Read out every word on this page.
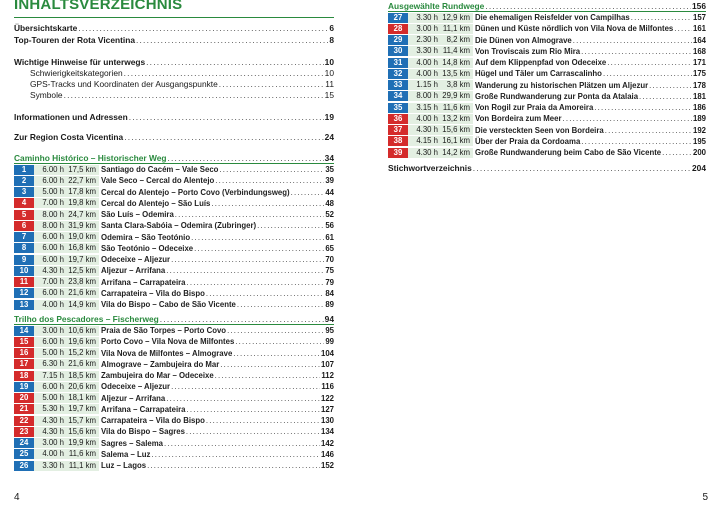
INHALTSVERZEICHNIS
Übersichtskarte .....	6
Top-Touren der Rota Vicentina .....	8
Wichtige Hinweise für unterwegs .....	10
Schwierigkeitskategorien .....	10
GPS-Tracks und Koordinaten der Ausgangspunkte .....	11
Symbole .....	15
Informationen und Adressen .....	19
Zur Region Costa Vicentina .....	24
Caminho Histórico – Historischer Weg .....	34
1	6.00 h 17,5 km Santiago do Cacém – Vale Seco .....	35
2	6.00 h 22,7 km Vale Seco – Cercal do Alentejo .....	39
3	5.00 h 17,8 km Cercal do Alentejo – Porto Covo (Verbindungsweg) .....	44
4	7.00 h 19,8 km Cercal do Alentejo – São Luís .....	48
5	8.00 h 24,7 km São Luís – Odemira .....	52
6	8.00 h 31,9 km Santa Clara-Sabóia – Odemira (Zubringer) .....	56
7	6.00 h 19,0 km Odemira – São Teotónio .....	61
8	6.00 h 16,8 km São Teotónio – Odeceixe .....	65
9	6.00 h 19,7 km Odeceixe – Aljezur .....	70
10	4.30 h 12,5 km Aljezur – Arrifana .....	75
11	7.00 h 23,8 km Arrifana – Carrapateira .....	79
12	6.00 h 21,6 km Carrapateira – Vila do Bispo .....	84
13	4.00 h 14,9 km Vila do Bispo – Cabo de São Vicente .....	89
Trilho dos Pescadores – Fischerweg .....	94
14	3.00 h 10,6 km Praia de São Torpes – Porto Covo .....	95
15	6.00 h 19,6 km Porto Covo – Vila Nova de Milfontes .....	99
16	5.00 h 15,2 km Vila Nova de Milfontes – Almograve .....	104
17	6.30 h 21,6 km Almograve – Zambujeira do Mar .....	107
18	7.15 h 18,5 km Zambujeira do Mar – Odeceixe .....	112
19	6.00 h 20,6 km Odeceixe – Aljezur .....	116
20	5.00 h 18,1 km Aljezur – Arrifana .....	122
21	5.30 h 19,7 km Arrifana – Carrapateira .....	127
22	4.30 h 15,7 km Carrapateira – Vila do Bispo .....	130
23	4.30 h 15,6 km Vila do Bispo – Sagres .....	134
24	3.00 h 19,9 km Sagres – Salema .....	142
25	4.00 h 11,6 km Salema – Luz .....	146
26	3.30 h 11,1 km Luz – Lagos .....	152
4
Ausgewählte Rundwege .....	156
27	3.30 h 12,9 km Die ehemaligen Reisfelder von Campilhas .....	157
28	3.00 h 11,1 km Dünen und Küste nördlich von Vila Nova de Milfontes .....	161
29	2.30 h	8,2 km Die Dünen von Almograve .....	164
30	3.30 h 11,4 km Von Troviscais zum Rio Mira .....	168
31	4.00 h 14,8 km Auf dem Klippenpfad von Odeceixe .....	171
32	4.00 h 13,5 km Hügel und Täler um Carrascalinho .....	175
33	1.15 h	3,8 km Wanderung zu historischen Plätzen um Aljezur .....	178
34	8.00 h 29,9 km Große Rundwanderung zur Ponta da Atalaia .....	181
35	3.15 h 11,6 km Von Rogil zur Praia da Amoreira .....	186
36	4.00 h 13,2 km Von Bordeira zum Meer .....	189
37	4.30 h 15,6 km Die versteckten Seen von Bordeira .....	192
38	4.15 h 16,1 km Über der Praia da Cordoama .....	195
39	4.30 h 14,2 km Große Rundwanderung beim Cabo de São Vicente .....	200
Stichwortverzeichnis .....	204
5
